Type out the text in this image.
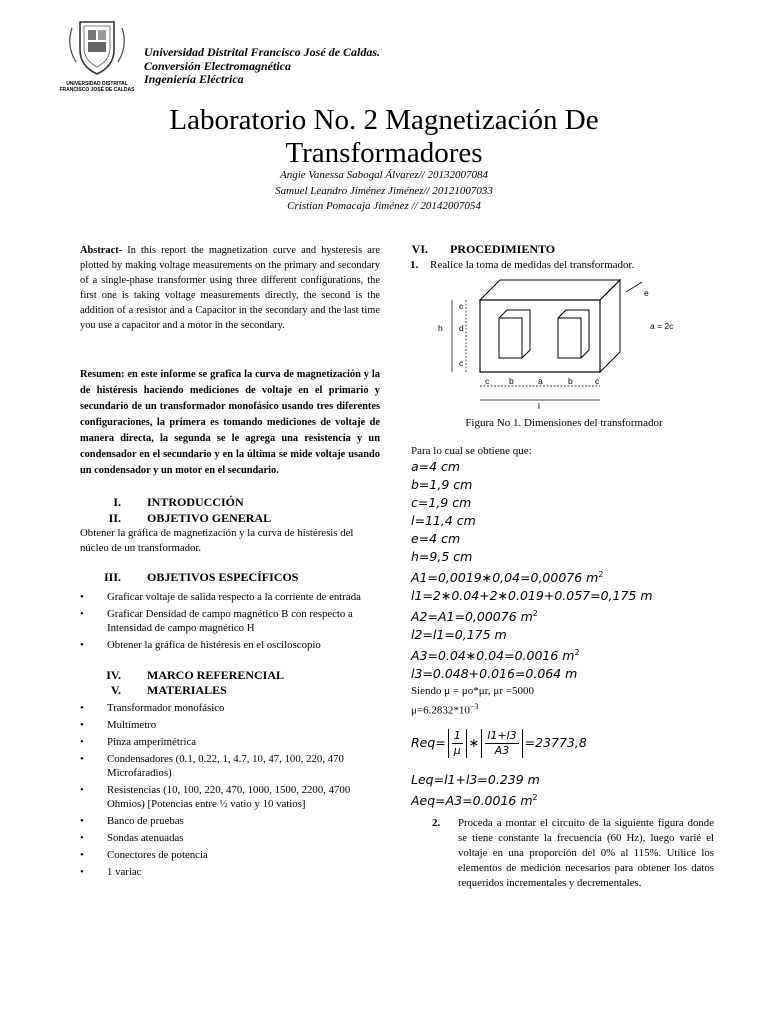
UNIVERSIDAD DISTRITAL
FRANCISCO JOSÉ DE CALDAS
Universidad Distrital Francisco José de Caldas.
Conversión Electromagnética
Ingeniería Eléctrica
Laboratorio No. 2 Magnetización De
Transformadores
Angie Vanessa Sabogal Álvarez// 20132007084
Samuel Leandro Jiménez Jiménez// 20121007033
Cristian Pomacaja Jiménez // 20142007054

Abstract- In this report the magnetization curve and hysteresis are plotted by making voltage measurements on the primary and secondary of a single-phase transformer using three different configurations, the first one is taking voltage measurements directly, the second is the addition of a resistor and a Capacitor in the secondary and the last time you use a capacitor and a motor in the secondary.

Resumen: en este informe se grafica la curva de magnetización y la de histéresis haciendo mediciones de voltaje en el primario y secundario de un transformador monofásico usando tres diferentes configuraciones, la primera es tomando mediciones de voltaje de manera directa, la segunda se le agrega una resistencia y un condensador en el secundario y en la última se mide voltaje usando un condensador y un motor en el secundario.

I.	INTRODUCCIÓN
II.	OBJETIVO GENERAL

Obtener la gráfica de magnetización y la curva de histéresis del núcleo de un transformador.

III.	OBJETIVOS ESPECÍFICOS
• Graficar voltaje de salida respecto a la corriente de entrada
• Graficar Densidad de campo magnético B con respecto a Intensidad de campo magnético H
• Obtener la gráfica de histéresis en el osciloscopio
IV.	MARCO REFERENCIAL
V.	MATERIALES
• Transformador monofásico
• Multímetro
• Pinza amperimétrica
• Condensadores (0.1, 0.22, 1, 4.7, 10, 47, 100, 220, 470 Microfaradios)
• Resistencias (10, 100, 220, 470, 1000, 1500, 2200, 4700 Ohmios) [Potencias entre ½ vatio y 10 vatios]
• Banco de pruebas
• Sondas atenuadas
• Conectores de potencia
• 1 variac
VI.	PROCEDIMIENTO
1.	Realice la toma de medidas del transformador.
c
d
h
c
e
a = 2c
c b	a	b	c
l
Figura No 1. Dimensiones del transformador
Para lo cual se obtiene que:
a=4 cm
b=1,9 cm
c=1,9 cm
l=11,4 cm
e=4 cm
h=9,5 cm
A1=0,0019∗0,04=0,00076 $m^2$
l1=2∗0.04+2∗0.019+0.057=0,175 m
A2=A1=0,00076 $m^2$
l2=l1=0,175 m
A3=0.04∗0.04=0.0016 $m^2$
l3=0.048+0.016=0.064 m
Siendo μ = μo*μr, μr =5000
$\mu=6.2832*10^{-3}$
$Req= \frac{1}{\mu}$ ∗ $\frac{l1+l3}{A3} =23773,8$
Leq=l1+l3=0.239 m
Aeq=A3=0.0016 $m^2$
2.	Proceda a montar el circuito de la siguiente figura donde se tiene constante la frecuencia (60 Hz), luego varié el voltaje en una proporción del 0% al 115%. Utilice los elementos de medición necesarios para obtener los datos requeridos incrementales y decrementales.
